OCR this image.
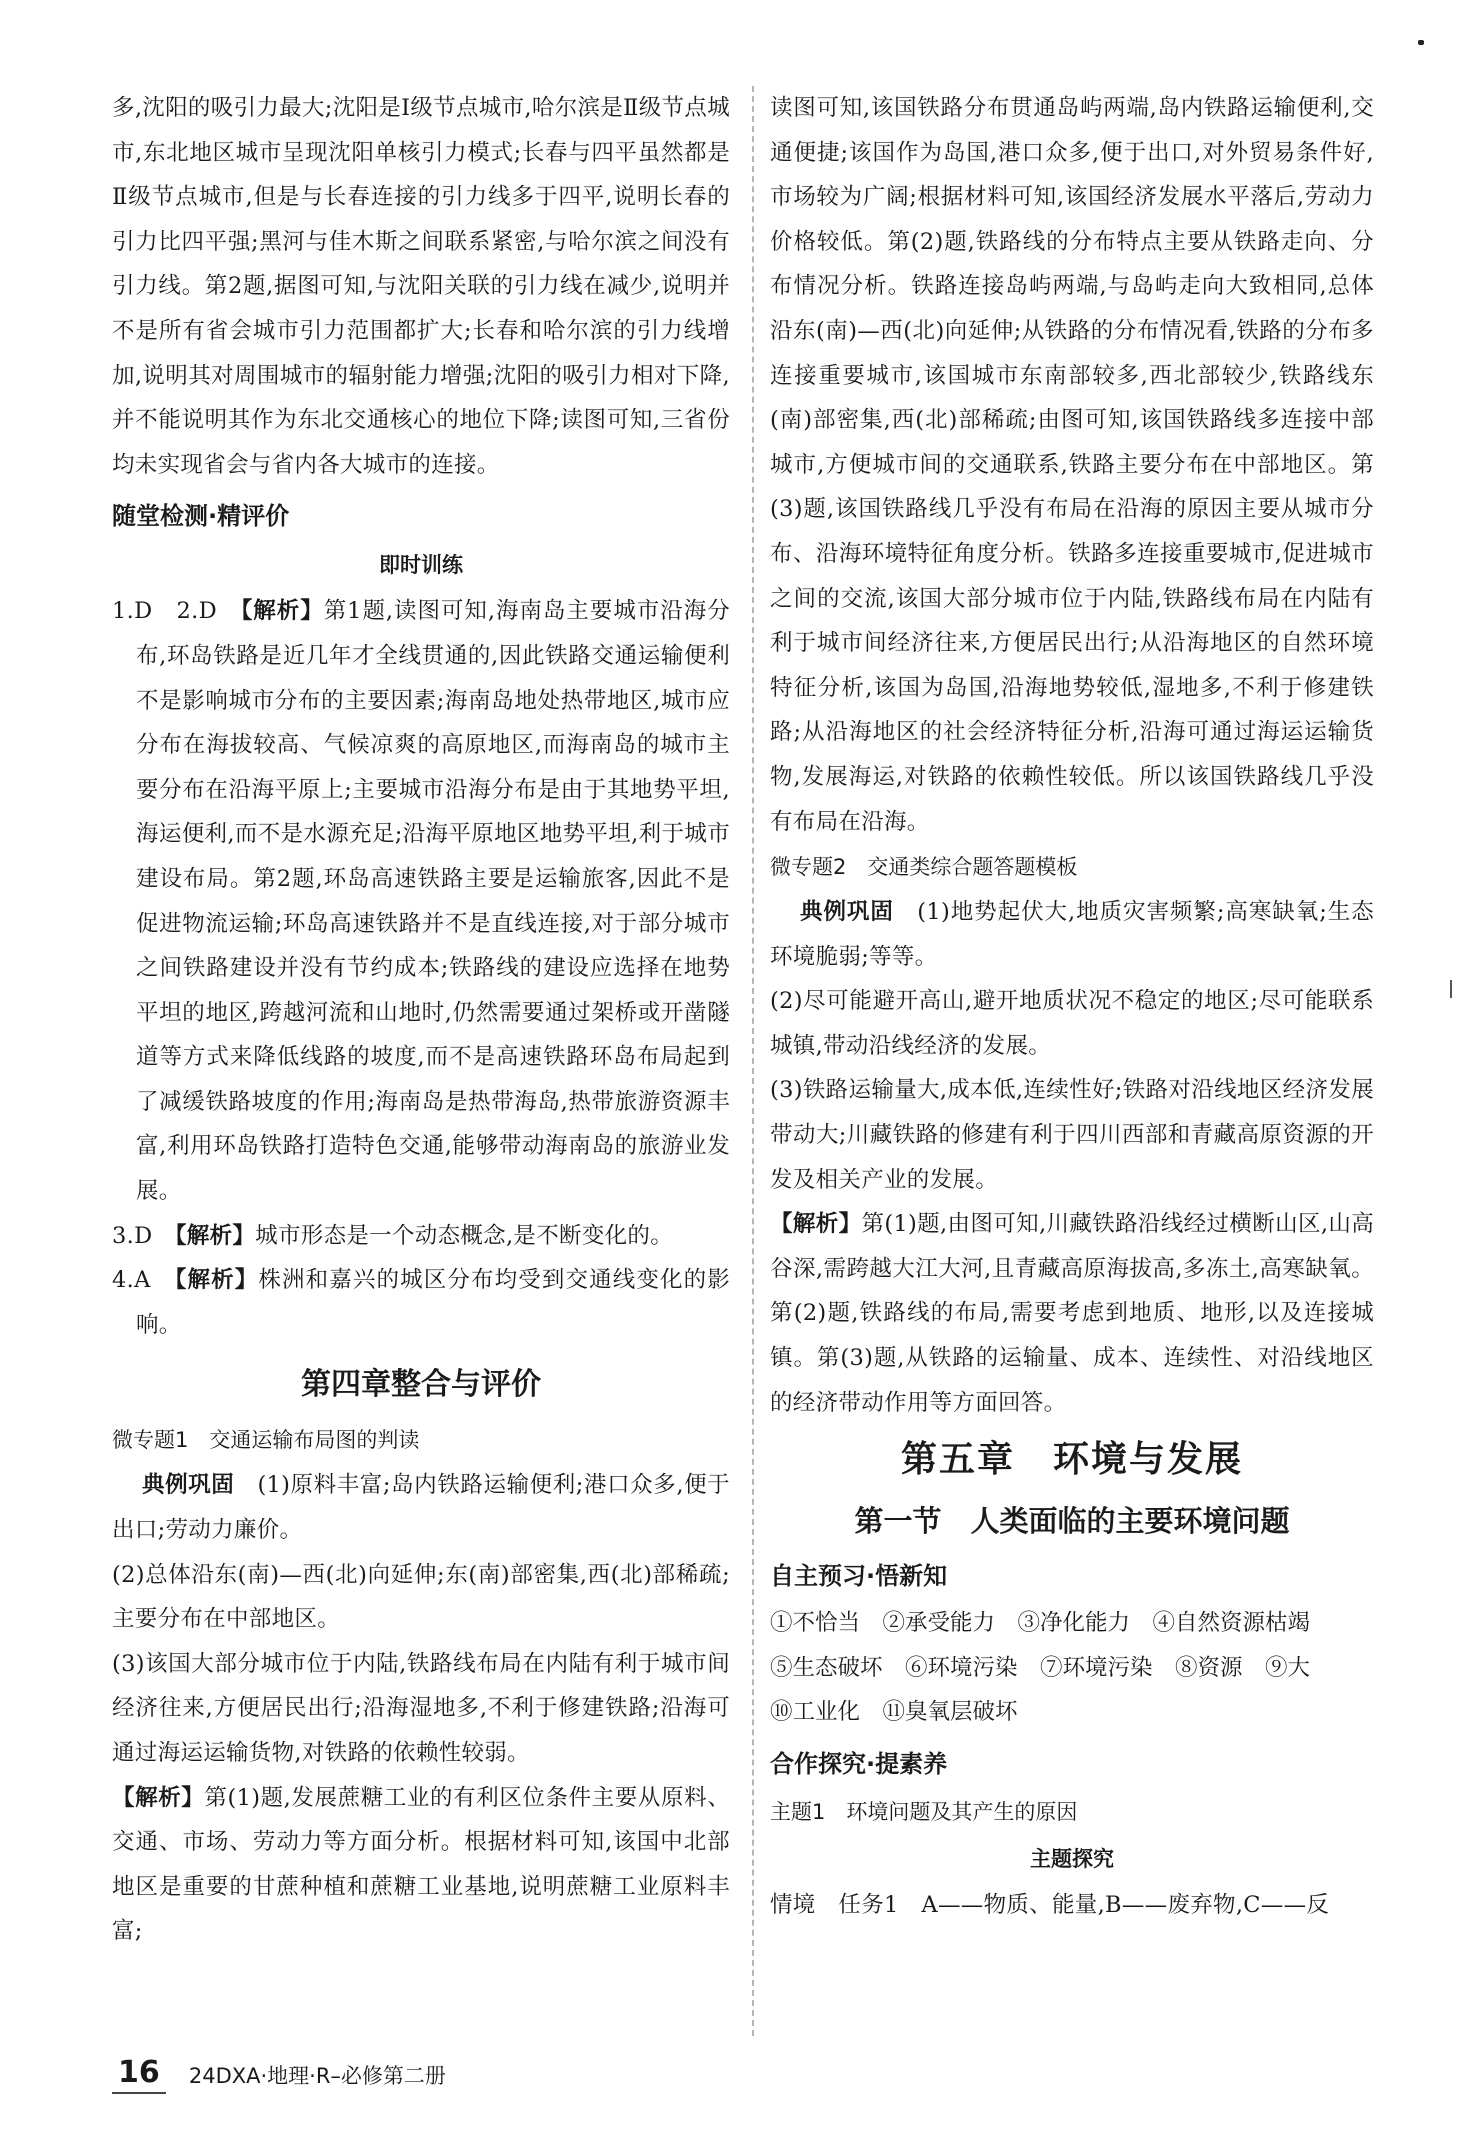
多,沈阳的吸引力最大;沈阳是Ⅰ级节点城市,哈尔滨是Ⅱ级节点城市,东北地区城市呈现沈阳单核引力模式;长春与四平虽然都是Ⅱ级节点城市,但是与长春连接的引力线多于四平,说明长春的引力比四平强;黑河与佳木斯之间联系紧密,与哈尔滨之间没有引力线。第2题,据图可知,与沈阳关联的引力线在减少,说明并不是所有省会城市引力范围都扩大;长春和哈尔滨的引力线增加,说明其对周围城市的辐射能力增强;沈阳的吸引力相对下降,并不能说明其作为东北交通核心的地位下降;读图可知,三省份均未实现省会与省内各大城市的连接。

随堂检测·精评价
即时训练

1.D　2.D　【解析】第1题,读图可知,海南岛主要城市沿海分布,环岛铁路是近几年才全线贯通的,因此铁路交通运输便利不是影响城市分布的主要因素;海南岛地处热带地区,城市应分布在海拔较高、气候凉爽的高原地区,而海南岛的城市主要分布在沿海平原上;主要城市沿海分布是由于其地势平坦,海运便利,而不是水源充足;沿海平原地区地势平坦,利于城市建设布局。第2题,环岛高速铁路主要是运输旅客,因此不是促进物流运输;环岛高速铁路并不是直线连接,对于部分城市之间铁路建设并没有节约成本;铁路线的建设应选择在地势平坦的地区,跨越河流和山地时,仍然需要通过架桥或开凿隧道等方式来降低线路的坡度,而不是高速铁路环岛布局起到了减缓铁路坡度的作用;海南岛是热带海岛,热带旅游资源丰富,利用环岛铁路打造特色交通,能够带动海南岛的旅游业发展。

3.D　【解析】城市形态是一个动态概念,是不断变化的。

4.A　【解析】株洲和嘉兴的城区分布均受到交通线变化的影响。

第四章整合与评价
微专题1　交通运输布局图的判读

典例巩固　 (1)原料丰富;岛内铁路运输便利;港口众多,便于出口;劳动力廉价。

(2)总体沿东(南)—西(北)向延伸;东(南)部密集,西(北)部稀疏;主要分布在中部地区。

(3)该国大部分城市位于内陆,铁路线布局在内陆有利于城市间经济往来,方便居民出行;沿海湿地多,不利于修建铁路;沿海可通过海运运输货物,对铁路的依赖性较弱。

【解析】第(1)题,发展蔗糖工业的有利区位条件主要从原料、交通、市场、劳动力等方面分析。根据材料可知,该国中北部地区是重要的甘蔗种植和蔗糖工业基地,说明蔗糖工业原料丰富;

读图可知,该国铁路分布贯通岛屿两端,岛内铁路运输便利,交通便捷;该国作为岛国,港口众多,便于出口,对外贸易条件好,市场较为广阔;根据材料可知,该国经济发展水平落后,劳动力价格较低。第(2)题,铁路线的分布特点主要从铁路走向、分布情况分析。铁路连接岛屿两端,与岛屿走向大致相同,总体沿东(南)—西(北)向延伸;从铁路的分布情况看,铁路的分布多连接重要城市,该国城市东南部较多,西北部较少,铁路线东(南)部密集,西(北)部稀疏;由图可知,该国铁路线多连接中部城市,方便城市间的交通联系,铁路主要分布在中部地区。第(3)题,该国铁路线几乎没有布局在沿海的原因主要从城市分布、沿海环境特征角度分析。铁路多连接重要城市,促进城市之间的交流,该国大部分城市位于内陆,铁路线布局在内陆有利于城市间经济往来,方便居民出行;从沿海地区的自然环境特征分析,该国为岛国,沿海地势较低,湿地多,不利于修建铁路;从沿海地区的社会经济特征分析,沿海可通过海运运输货物,发展海运,对铁路的依赖性较低。所以该国铁路线几乎没有布局在沿海。

微专题2　交通类综合题答题模板

典例巩固　 (1)地势起伏大,地质灾害频繁;高寒缺氧;生态环境脆弱;等等。

(2)尽可能避开高山,避开地质状况不稳定的地区;尽可能联系城镇,带动沿线经济的发展。

(3)铁路运输量大,成本低,连续性好;铁路对沿线地区经济发展带动大;川藏铁路的修建有利于四川西部和青藏高原资源的开发及相关产业的发展。

【解析】第(1)题,由图可知,川藏铁路沿线经过横断山区,山高谷深,需跨越大江大河,且青藏高原海拔高,多冻土,高寒缺氧。第(2)题,铁路线的布局,需要考虑到地质、地形,以及连接城镇。第(3)题,从铁路的运输量、成本、连续性、对沿线地区的经济带动作用等方面回答。

第五章　环境与发展
第一节　人类面临的主要环境问题
自主预习·悟新知
①不恰当　②承受能力　③净化能力　④自然资源枯竭
⑤生态破坏　⑥环境污染　⑦环境污染　⑧资源　⑨大
⑩工业化　⑪臭氧层破坏
合作探究·提素养
主题1　环境问题及其产生的原因
主题探究

情境　任务1　A——物质、能量,B——废弃物,C——反

16 24DXA·地理·R–必修第二册
